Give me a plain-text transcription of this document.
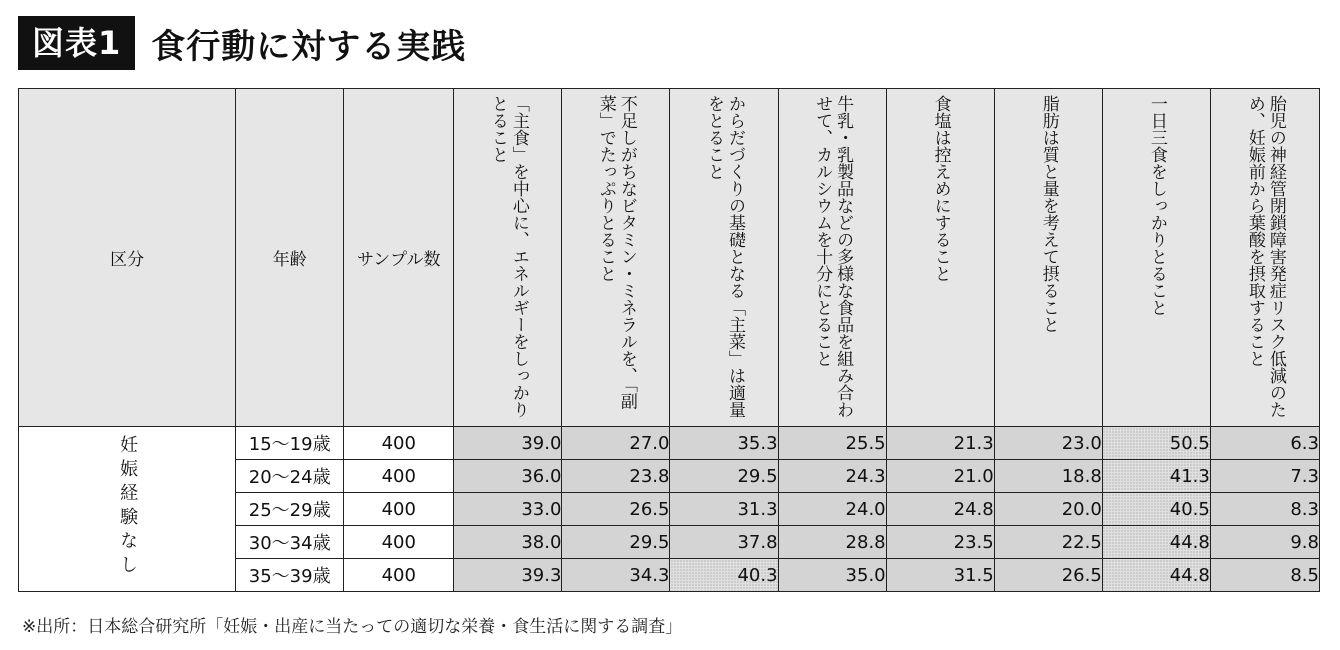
図表1 食行動に対する実践
区分	年齢	サンプル数	「主食」を中心に、エネルギーをしっかりとること	不足しがちなビタミン・ミネラルを、「副菜」でたっぷりとること	からだづくりの基礎となる「主菜」は適量をとること	牛乳・乳製品などの多様な食品を組み合わせて、カルシウムを十分にとること	食塩は控えめにすること	脂肪は質と量を考えて摂ること	一日三食をしっかりとること	胎児の神経管閉鎖障害発症リスク低減のため、妊娠前から葉酸を摂取すること

妊娠経験なし	15〜19歳	400	39.0	27.0	35.3	25.5	21.3	23.0	50.5	6.3
	20〜24歳	400	36.0	23.8	29.5	24.3	21.0	18.8	41.3	7.3
	25〜29歳	400	33.0	26.5	31.3	24.0	24.8	20.0	40.5	8.3
	30〜34歳	400	38.0	29.5	37.8	28.8	23.5	22.5	44.8	9.8
	35〜39歳	400	39.3	34.3	40.3	35.0	31.5	26.5	44.8	8.5
※出所：日本総合研究所「妊娠・出産に当たっての適切な栄養・食生活に関する調査」
